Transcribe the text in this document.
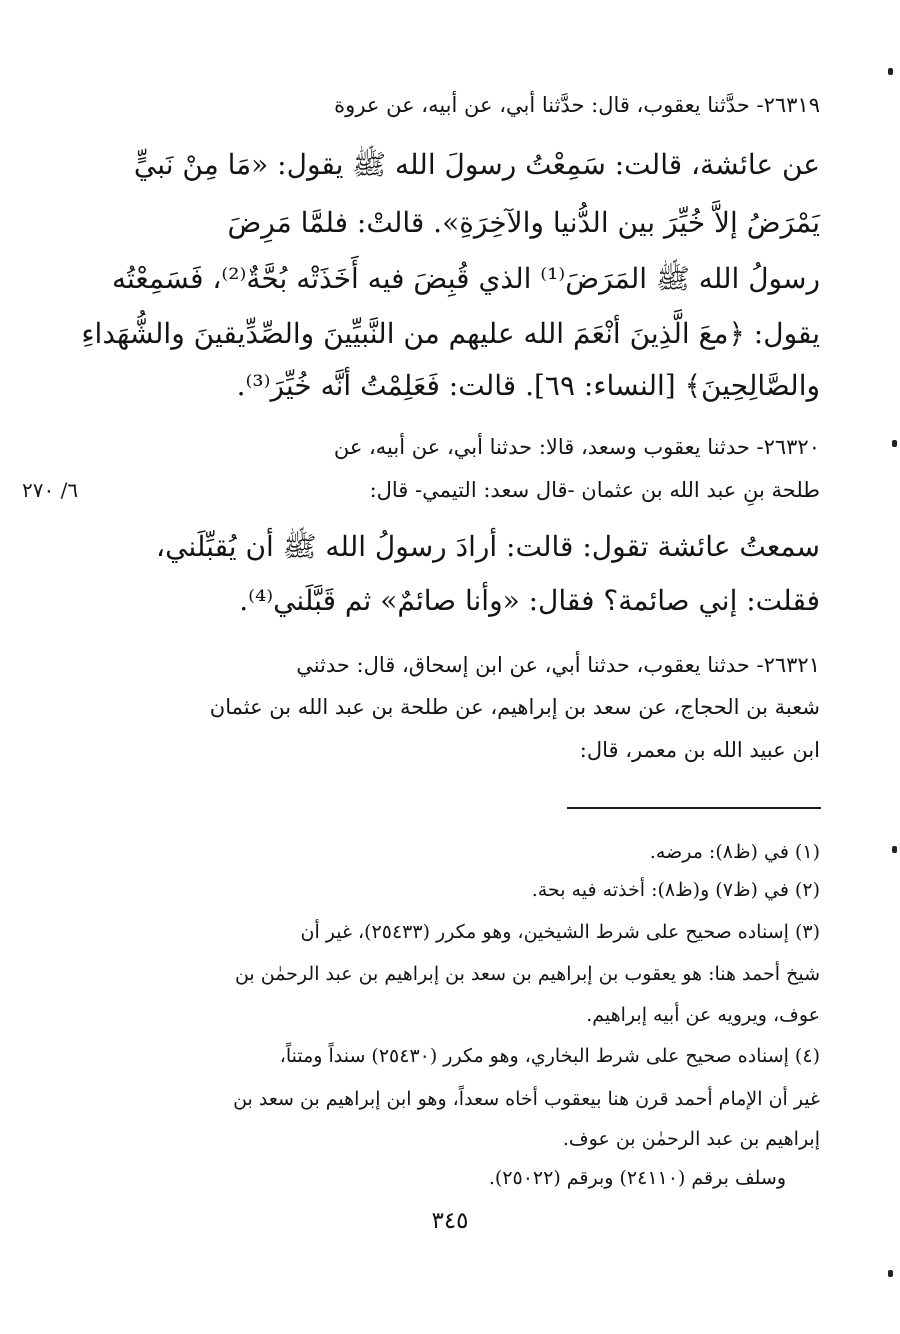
٢٦٣١٩- حدَّثنا يعقوب، قال: حدَّثنا أبي، عن أبيه، عن عروة
عن عائشة، قالت: سَمِعْتُ رسولَ الله ﷺ يقول: «مَا مِنْ نَبيٍّ
يَمْرَضُ إلاَّ خُيِّرَ بين الدُّنيا والآخِرَةِ». قالتْ: فلمَّا مَرِضَ
رسولُ الله ﷺ المَرَضَ⁽¹⁾ الذي قُبِضَ فيه أَخَذَتْه بُحَّةٌ⁽²⁾، فَسَمِعْتُه
يقول: ﴿معَ الَّذِينَ أنْعَمَ الله عليهم من النَّبيِّينَ والصِّدِّيقينَ والشُّهَداءِ
والصَّالِحِينَ﴾ [النساء: ٦٩]. قالت: فَعَلِمْتُ أنَّه خُيِّرَ⁽³⁾.
٢٦٣٢٠- حدثنا يعقوب وسعد، قالا: حدثنا أبي، عن أبيه، عن
طلحة بنِ عبد الله بن عثمان -قال سعد: التيمي- قال:
٦/ ٢٧٠
سمعتُ عائشة تقول: قالت: أرادَ رسولُ الله ﷺ أن يُقبِّلَني،
فقلت: إني صائمة؟ فقال: «وأنا صائمٌ» ثم قَبَّلَني⁽⁴⁾.
٢٦٣٢١- حدثنا يعقوب، حدثنا أبي، عن ابن إسحاق، قال: حدثني
شعبة بن الحجاج، عن سعد بن إبراهيم، عن طلحة بن عبد الله بن عثمان
ابن عبيد الله بن معمر، قال:
(١) في (ظ٨): مرضه.
(٢) في (ظ٧) و(ظ٨): أخذته فيه بحة.
(٣) إسناده صحيح على شرط الشيخين، وهو مكرر (٢٥٤٣٣)، غير أن
شيخ أحمد هنا: هو يعقوب بن إبراهيم بن سعد بن إبراهيم بن عبد الرحمٰن بن
عوف، ويرويه عن أبيه إبراهيم.
(٤) إسناده صحيح على شرط البخاري، وهو مكرر (٢٥٤٣٠) سنداً ومتناً،
غير أن الإمام أحمد قرن هنا بيعقوب أخاه سعداً، وهو ابن إبراهيم بن سعد بن
إبراهيم بن عبد الرحمٰن بن عوف.
وسلف برقم (٢٤١١٠) وبرقم (٢٥٠٢٢).
٣٤٥
